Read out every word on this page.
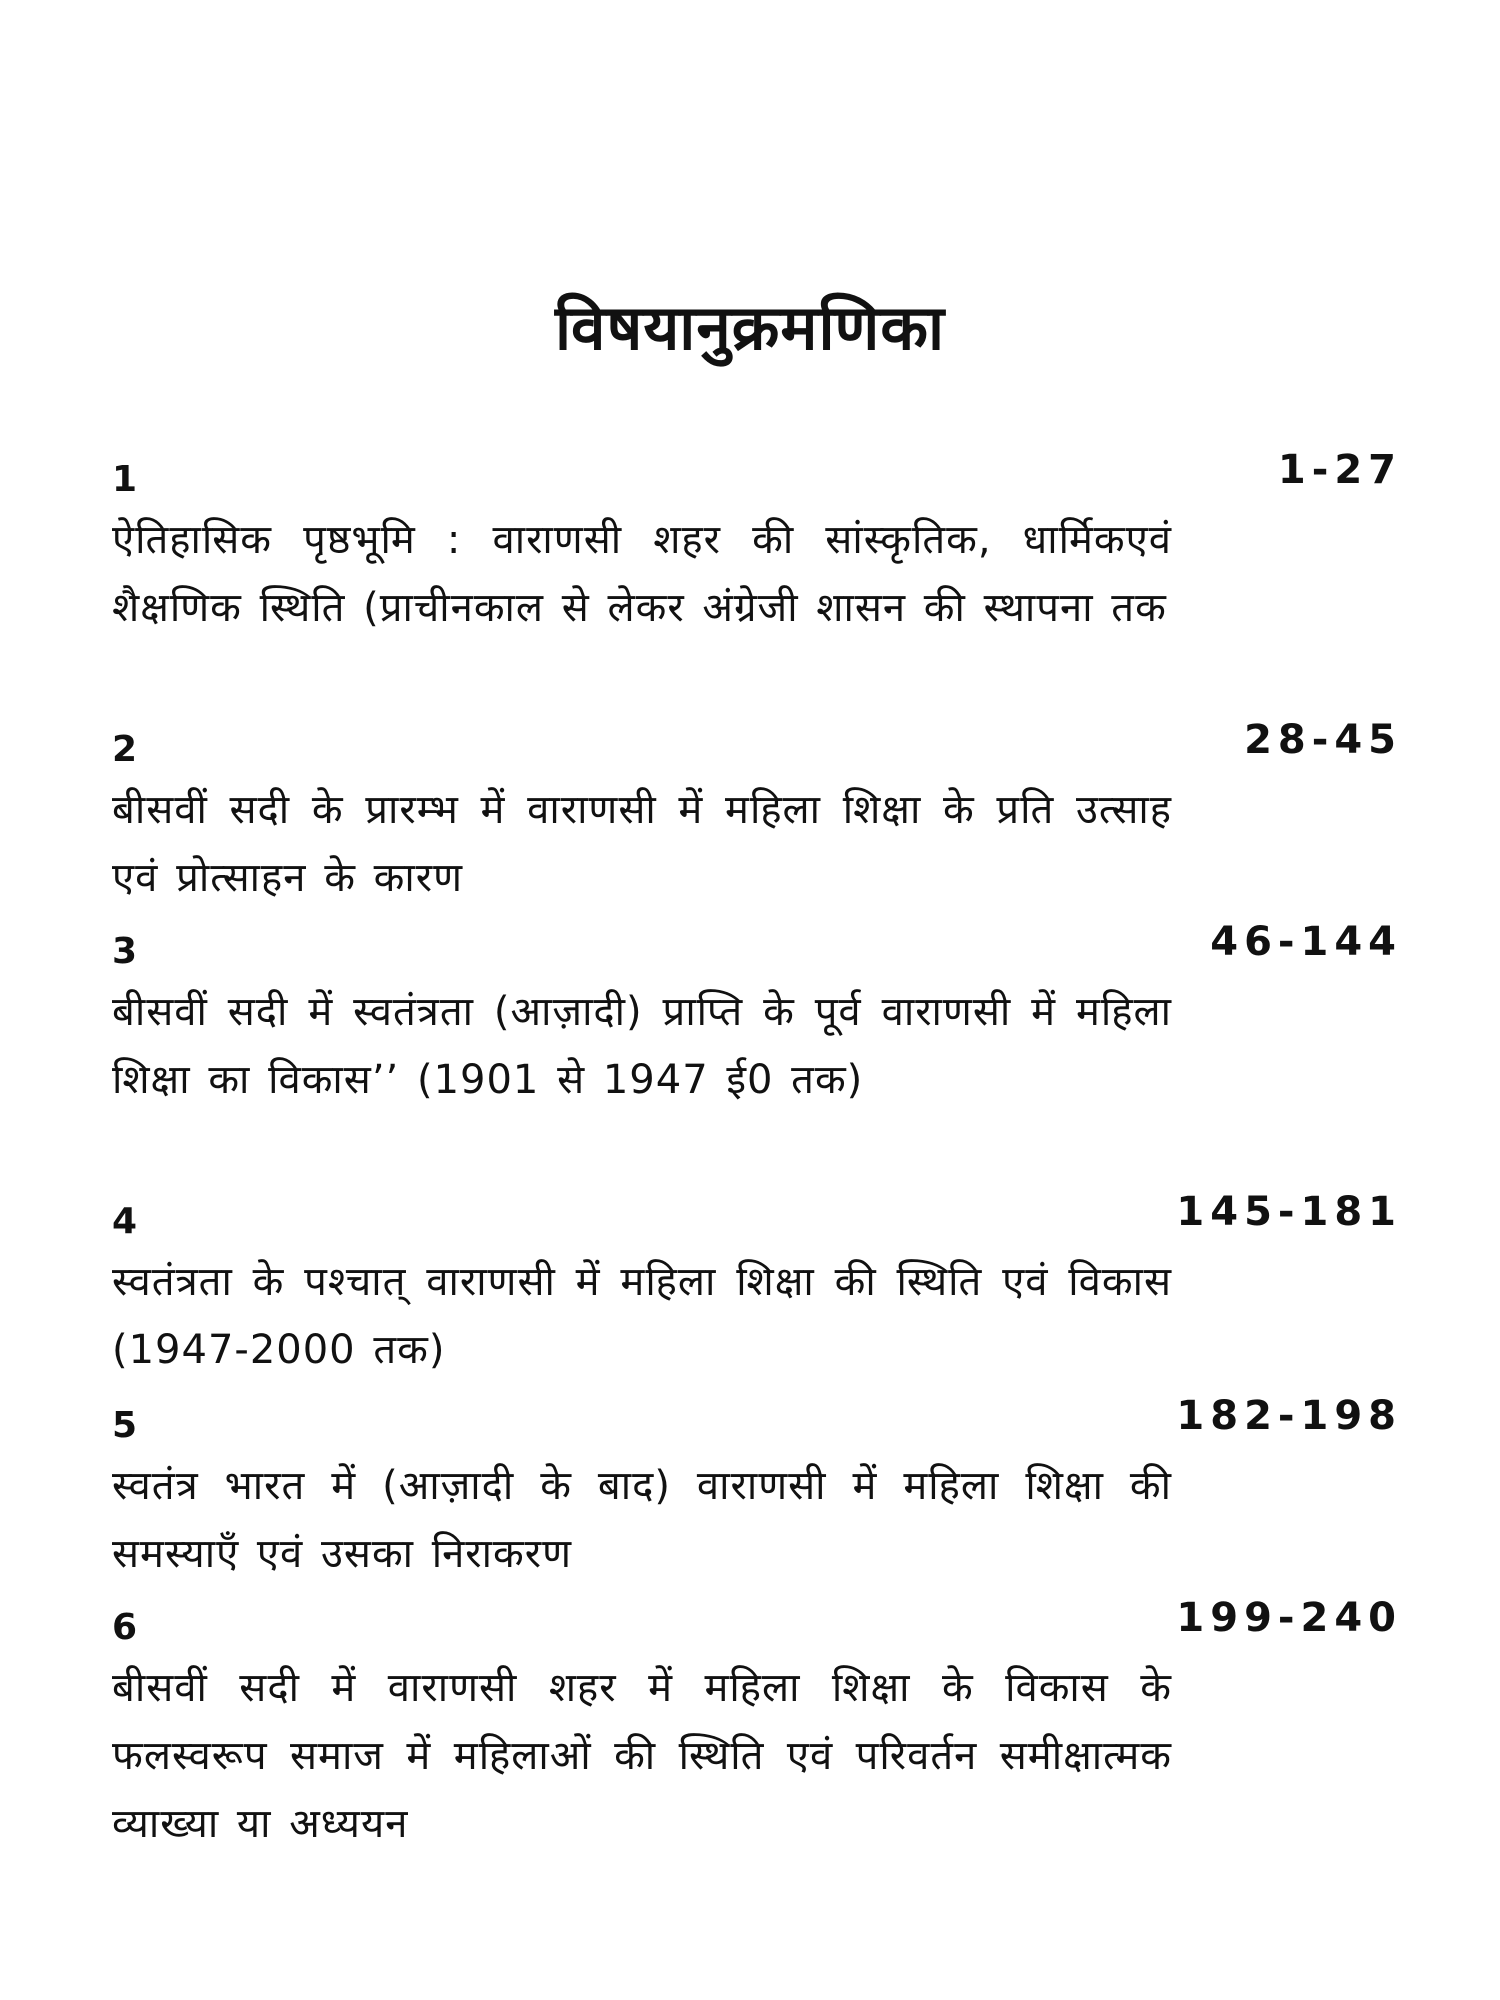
विषयानुक्रमणिका
1	1-27
ऐतिहासिक पृष्ठभूमि : वाराणसी शहर की सांस्कृतिक, धार्मिकएवं शैक्षणिक स्थिति (प्राचीनकाल से लेकर अंग्रेजी शासन की स्थापना तक
2	28-45
बीसवीं सदी के प्रारम्भ में वाराणसी में महिला शिक्षा के प्रति उत्साह एवं प्रोत्साहन के कारण
3	46-144
बीसवीं सदी में स्वतंत्रता (आज़ादी) प्राप्ति के पूर्व वाराणसी में महिला शिक्षा का विकास’’ (1901 से 1947 ई0 तक)
4	145-181
स्वतंत्रता के पश्चात् वाराणसी में महिला शिक्षा की स्थिति एवं विकास (1947-2000 तक)
5	182-198
स्वतंत्र भारत में (आज़ादी के बाद) वाराणसी में महिला शिक्षा की समस्याएँ एवं उसका निराकरण
6	199-240
बीसवीं सदी में वाराणसी शहर में महिला शिक्षा के विकास के फलस्वरूप समाज में महिलाओं की स्थिति एवं परिवर्तन समीक्षात्मक व्याख्या या अध्ययन
